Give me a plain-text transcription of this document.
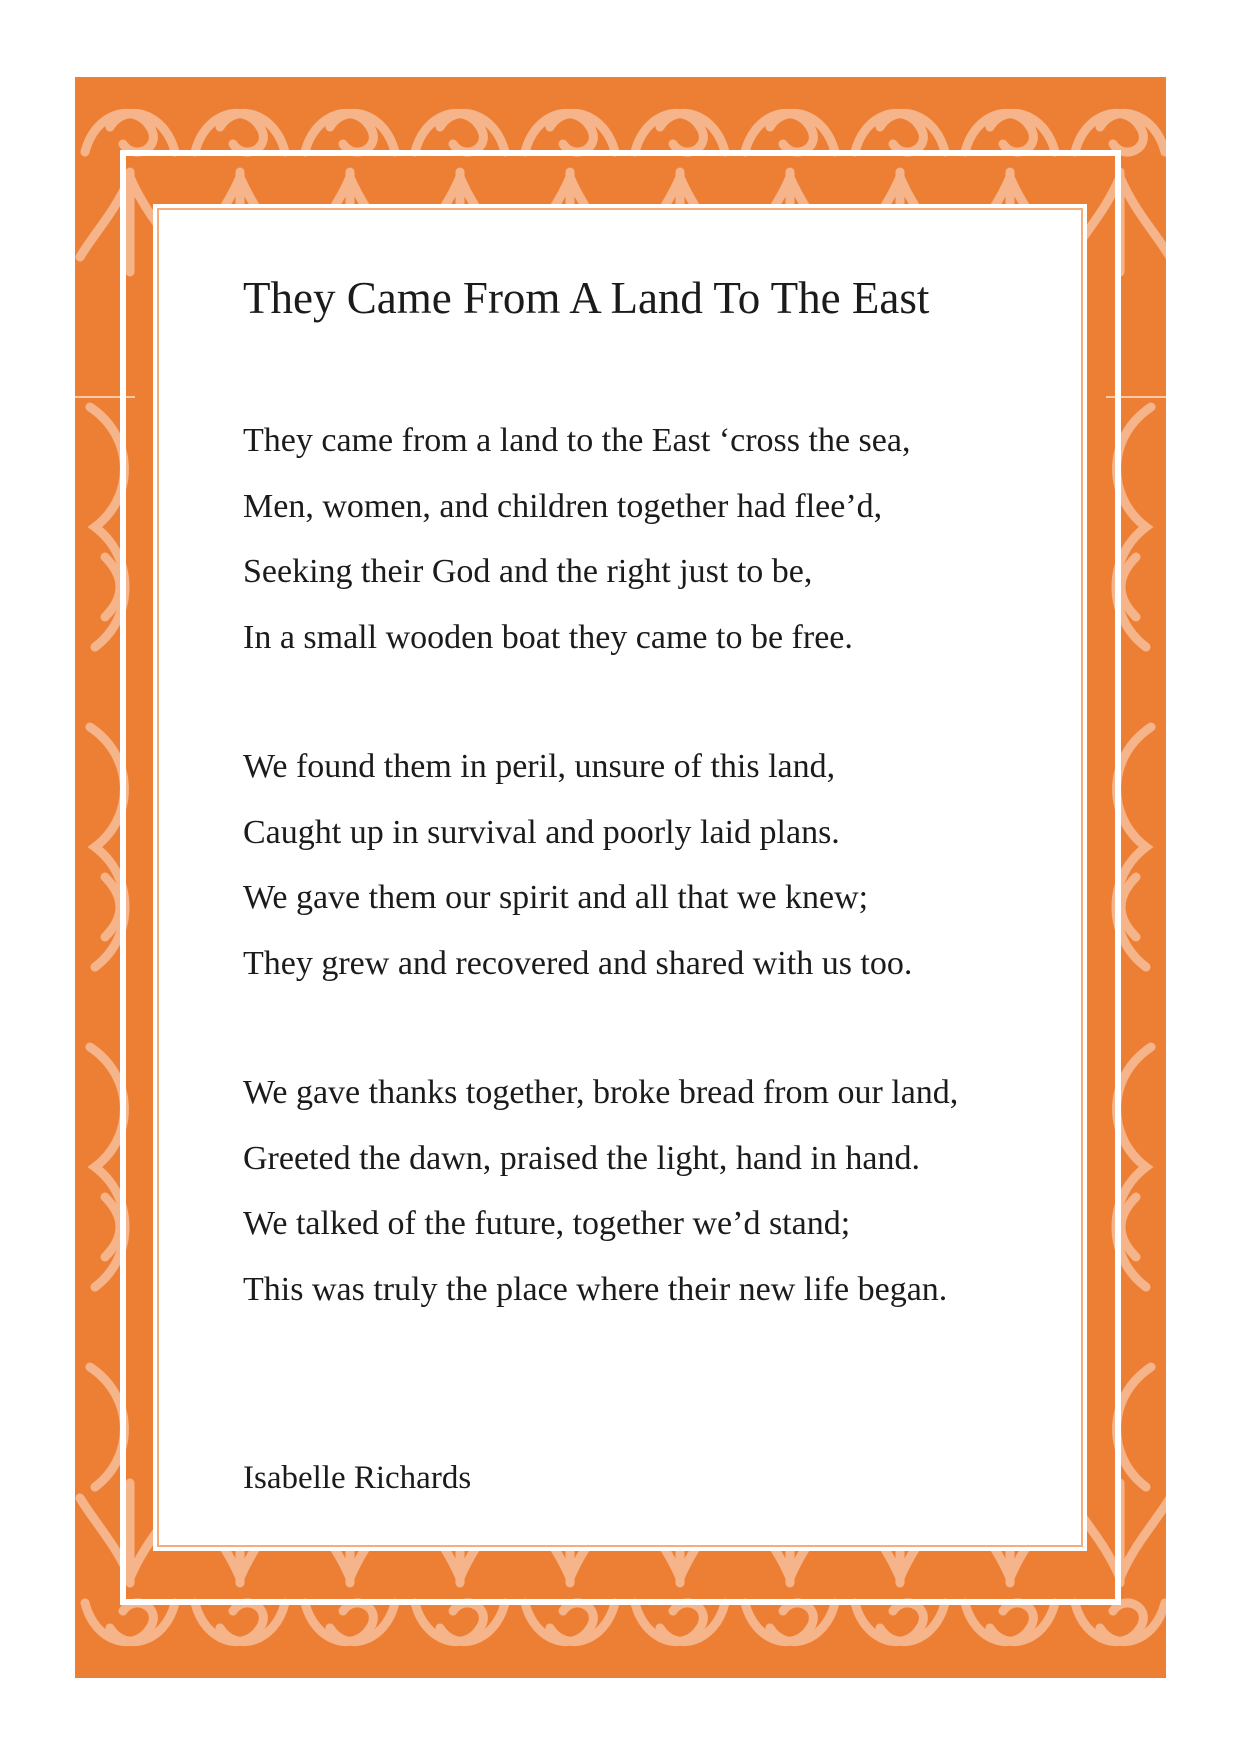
They Came From A Land To The East
They came from a land to the East ‘cross the sea,
Men, women, and children together had flee’d,
Seeking their God and the right just to be,
In a small wooden boat they came to be free.
We found them in peril, unsure of this land,
Caught up in survival and poorly laid plans.
We gave them our spirit and all that we knew;
They grew and recovered and shared with us too.
We gave thanks together, broke bread from our land,
Greeted the dawn, praised the light, hand in hand.
We talked of the future, together we’d stand;
This was truly the place where their new life began.
Isabelle Richards
